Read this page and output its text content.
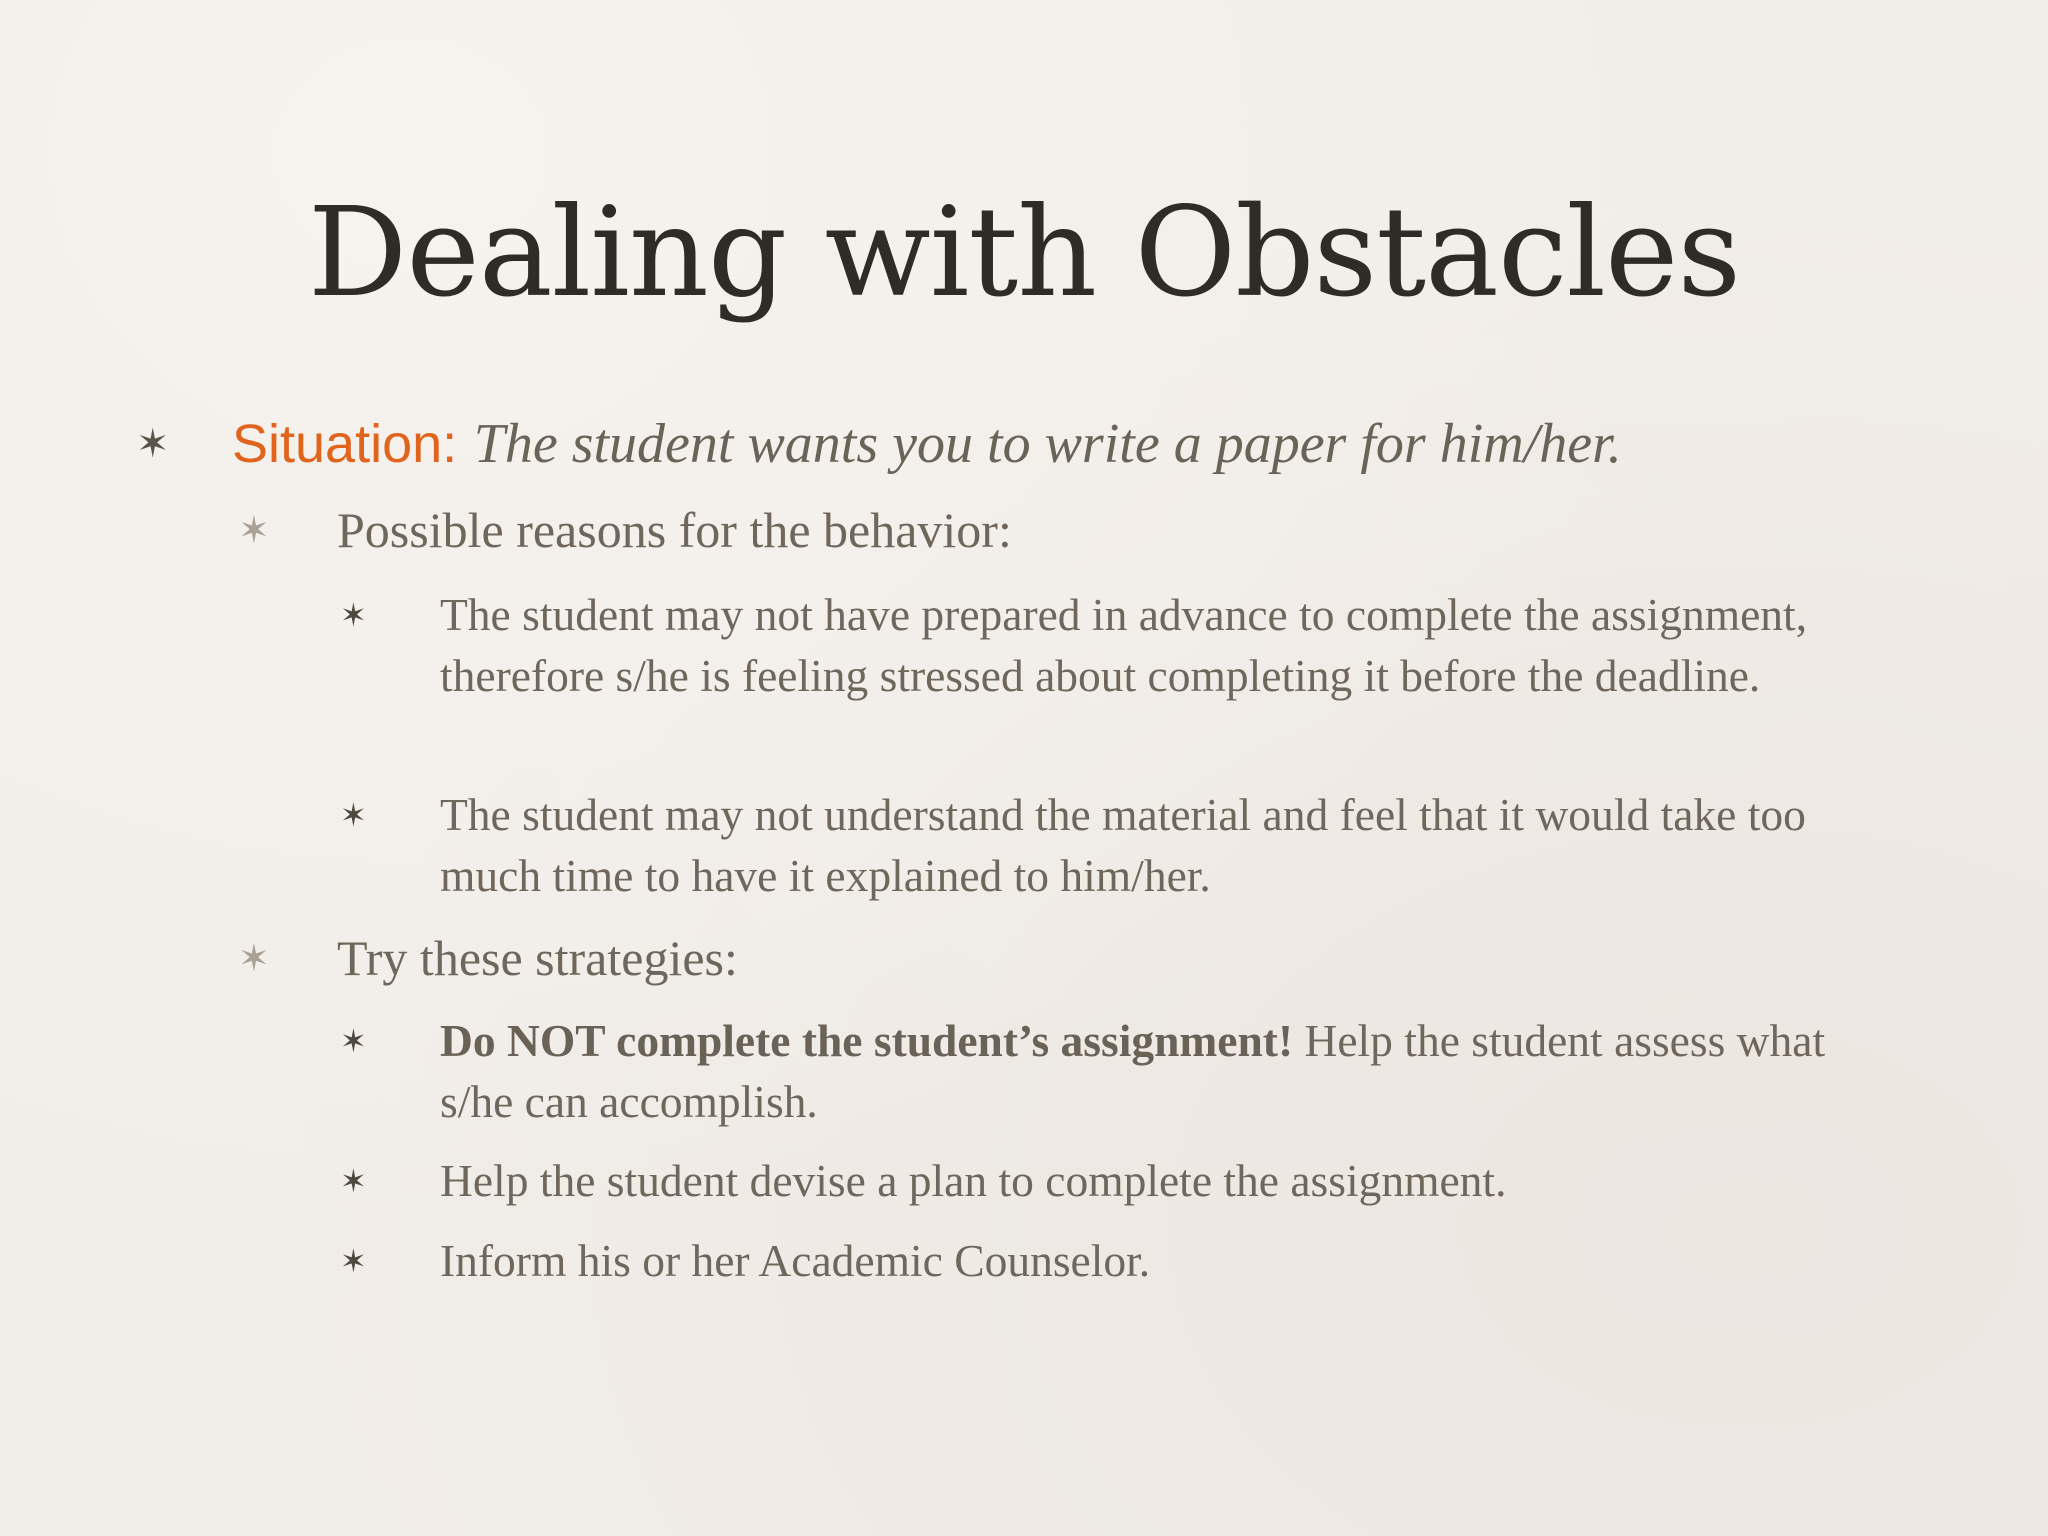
Dealing with Obstacles
✶ Situation: The student wants you to write a paper for him/her.
✶ Possible reasons for the behavior:
✶ The student may not have prepared in advance to complete the assignment, therefore s/he is feeling stressed about completing it before the deadline.
✶ The student may not understand the material and feel that it would take too much time to have it explained to him/her.
✶ Try these strategies:
✶ Do NOT complete the student’s assignment! Help the student assess what s/he can accomplish.
✶ Help the student devise a plan to complete the assignment.
✶ Inform his or her Academic Counselor.
